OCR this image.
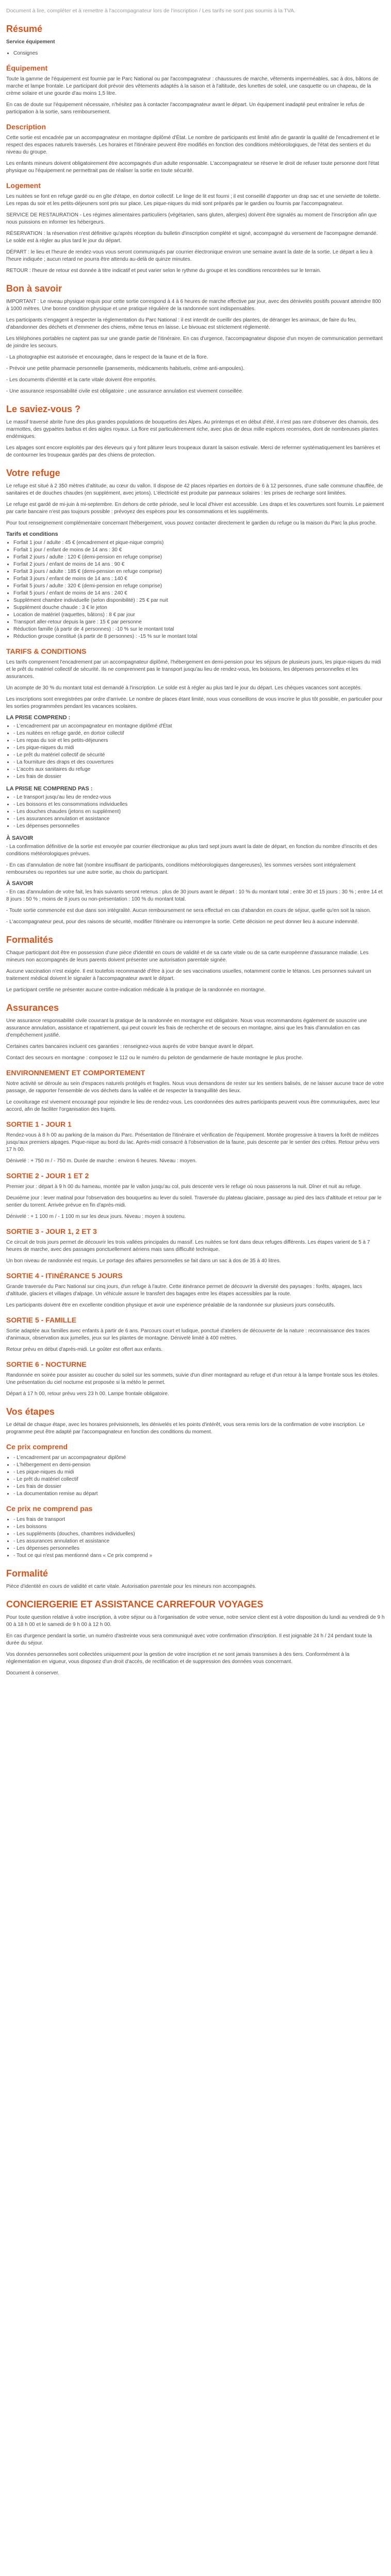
Document à lire, compléter et à remettre à l'accompagnateur lors de l'inscription / Les tarifs ne sont pas soumis à la TVA.

Résumé

Service équipement

• Consignes
Équipement

Toute la gamme de l'équipement est fournie par le Parc National ou par l'accompagnateur : chaussures de marche, vêtements imperméables, sac à dos, bâtons de marche et lampe frontale. Le participant doit prévoir des vêtements adaptés à la saison et à l'altitude, des lunettes de soleil, une casquette ou un chapeau, de la crème solaire et une gourde d'au moins 1,5 litre.

En cas de doute sur l'équipement nécessaire, n'hésitez pas à contacter l'accompagnateur avant le départ. Un équipement inadapté peut entraîner le refus de participation à la sortie, sans remboursement.

Description

Cette sortie est encadrée par un accompagnateur en montagne diplômé d'État. Le nombre de participants est limité afin de garantir la qualité de l'encadrement et le respect des espaces naturels traversés. Les horaires et l'itinéraire peuvent être modifiés en fonction des conditions météorologiques, de l'état des sentiers et du niveau du groupe.

Les enfants mineurs doivent obligatoirement être accompagnés d'un adulte responsable. L'accompagnateur se réserve le droit de refuser toute personne dont l'état physique ou l'équipement ne permettrait pas de réaliser la sortie en toute sécurité.

Logement

Les nuitées se font en refuge gardé ou en gîte d'étape, en dortoir collectif. Le linge de lit est fourni ; il est conseillé d'apporter un drap sac et une serviette de toilette. Les repas du soir et les petits-déjeuners sont pris sur place. Les pique-niques du midi sont préparés par le gardien ou fournis par l'accompagnateur.

SERVICE DE RESTAURATION - Les régimes alimentaires particuliers (végétarien, sans gluten, allergies) doivent être signalés au moment de l'inscription afin que nous puissions en informer les hébergeurs.

RÉSERVATION : la réservation n'est définitive qu'après réception du bulletin d'inscription complété et signé, accompagné du versement de l'acompagne demandé. Le solde est à régler au plus tard le jour du départ.

DÉPART : le lieu et l'heure de rendez-vous vous seront communiqués par courrier électronique environ une semaine avant la date de la sortie. Le départ a lieu à l'heure indiquée ; aucun retard ne pourra être attendu au-delà de quinze minutes.

RETOUR : l'heure de retour est donnée à titre indicatif et peut varier selon le rythme du groupe et les conditions rencontrées sur le terrain.

Bon à savoir

IMPORTANT : Le niveau physique requis pour cette sortie correspond à 4 à 6 heures de marche effective par jour, avec des dénivelés positifs pouvant atteindre 800 à 1000 mètres. Une bonne condition physique et une pratique régulière de la randonnée sont indispensables.

Les participants s'engagent à respecter la réglementation du Parc National : il est interdit de cueillir des plantes, de déranger les animaux, de faire du feu, d'abandonner des déchets et d'emmener des chiens, même tenus en laisse. Le bivouac est strictement réglementé.

Les téléphones portables ne captent pas sur une grande partie de l'itinéraire. En cas d'urgence, l'accompagnateur dispose d'un moyen de communication permettant de joindre les secours.

- La photographie est autorisée et encouragée, dans le respect de la faune et de la flore.

- Prévoir une petite pharmacie personnelle (pansements, médicaments habituels, crème anti-ampoules).

- Les documents d'identité et la carte vitale doivent être emportés.

- Une assurance responsabilité civile est obligatoire ; une assurance annulation est vivement conseillée.

Le saviez-vous ?

Le massif traversé abrite l'une des plus grandes populations de bouquetins des Alpes. Au printemps et en début d'été, il n'est pas rare d'observer des chamois, des marmottes, des gypaètes barbus et des aigles royaux. La flore est particulièrement riche, avec plus de deux mille espèces recensées, dont de nombreuses plantes endémiques.

Les alpages sont encore exploités par des éleveurs qui y font pâturer leurs troupeaux durant la saison estivale. Merci de refermer systématiquement les barrières et de contourner les troupeaux gardés par des chiens de protection.

Votre refuge

Le refuge est situé à 2 350 mètres d'altitude, au cœur du vallon. Il dispose de 42 places réparties en dortoirs de 6 à 12 personnes, d'une salle commune chauffée, de sanitaires et de douches chaudes (en supplément, avec jetons). L'électricité est produite par panneaux solaires : les prises de recharge sont limitées.

Le refuge est gardé de mi-juin à mi-septembre. En dehors de cette période, seul le local d'hiver est accessible. Les draps et les couvertures sont fournis. Le paiement par carte bancaire n'est pas toujours possible : prévoyez des espèces pour les consommations et les suppléments.

Pour tout renseignement complémentaire concernant l'hébergement, vous pouvez contacter directement le gardien du refuge ou la maison du Parc la plus proche.

Tarifs et conditions
• Forfait 1 jour / adulte : 45 € (encadrement et pique-nique compris)
• Forfait 1 jour / enfant de moins de 14 ans : 30 €
• Forfait 2 jours / adulte : 120 € (demi-pension en refuge comprise)
• Forfait 2 jours / enfant de moins de 14 ans : 90 €
• Forfait 3 jours / adulte : 185 € (demi-pension en refuge comprise)
• Forfait 3 jours / enfant de moins de 14 ans : 140 €
• Forfait 5 jours / adulte : 320 € (demi-pension en refuge comprise)
• Forfait 5 jours / enfant de moins de 14 ans : 240 €
• Supplément chambre individuelle (selon disponibilité) : 25 € par nuit
• Supplément douche chaude : 3 € le jeton
• Location de matériel (raquettes, bâtons) : 8 € par jour
• Transport aller-retour depuis la gare : 15 € par personne
• Réduction famille (à partir de 4 personnes) : -10 % sur le montant total
• Réduction groupe constitué (à partir de 8 personnes) : -15 % sur le montant total
TARIFS & CONDITIONS

Les tarifs comprennent l'encadrement par un accompagnateur diplômé, l'hébergement en demi-pension pour les séjours de plusieurs jours, les pique-niques du midi et le prêt du matériel collectif de sécurité. Ils ne comprennent pas le transport jusqu'au lieu de rendez-vous, les boissons, les dépenses personnelles et les assurances.

Un acompte de 30 % du montant total est demandé à l'inscription. Le solde est à régler au plus tard le jour du départ. Les chèques vacances sont acceptés.

Les inscriptions sont enregistrées par ordre d'arrivée. Le nombre de places étant limité, nous vous conseillons de vous inscrire le plus tôt possible, en particulier pour les sorties programmées pendant les vacances scolaires.

LA PRISE COMPREND :
• - L'encadrement par un accompagnateur en montagne diplômé d'État
• - Les nuitées en refuge gardé, en dortoir collectif
• - Les repas du soir et les petits-déjeuners
• - Les pique-niques du midi
• - Le prêt du matériel collectif de sécurité
• - La fourniture des draps et des couvertures
• - L'accès aux sanitaires du refuge
• - Les frais de dossier
LA PRISE NE COMPREND PAS :
• - Le transport jusqu'au lieu de rendez-vous
• - Les boissons et les consommations individuelles
• - Les douches chaudes (jetons en supplément)
• - Les assurances annulation et assistance
• - Les dépenses personnelles
À SAVOIR

- La confirmation définitive de la sortie est envoyée par courrier électronique au plus tard sept jours avant la date de départ, en fonction du nombre d'inscrits et des conditions météorologiques prévues.

- En cas d'annulation de notre fait (nombre insuffisant de participants, conditions météorologiques dangereuses), les sommes versées sont intégralement remboursées ou reportées sur une autre sortie, au choix du participant.

À SAVOIR

- En cas d'annulation de votre fait, les frais suivants seront retenus : plus de 30 jours avant le départ : 10 % du montant total ; entre 30 et 15 jours : 30 % ; entre 14 et 8 jours : 50 % ; moins de 8 jours ou non-présentation : 100 % du montant total.

- Toute sortie commencée est due dans son intégralité. Aucun remboursement ne sera effectué en cas d'abandon en cours de séjour, quelle qu'en soit la raison.

- L'accompagnateur peut, pour des raisons de sécurité, modifier l'itinéraire ou interrompre la sortie. Cette décision ne peut donner lieu à aucune indemnité.

Formalités

Chaque participant doit être en possession d'une pièce d'identité en cours de validité et de sa carte vitale ou de sa carte européenne d'assurance maladie. Les mineurs non accompagnés de leurs parents doivent présenter une autorisation parentale signée.

Aucune vaccination n'est exigée. Il est toutefois recommandé d'être à jour de ses vaccinations usuelles, notamment contre le tétanos. Les personnes suivant un traitement médical doivent le signaler à l'accompagnateur avant le départ.

Le participant certifie ne présenter aucune contre-indication médicale à la pratique de la randonnée en montagne.

Assurances

Une assurance responsabilité civile couvrant la pratique de la randonnée en montagne est obligatoire. Nous vous recommandons également de souscrire une assurance annulation, assistance et rapatriement, qui peut couvrir les frais de recherche et de secours en montagne, ainsi que les frais d'annulation en cas d'empêchement justifié.

Certaines cartes bancaires incluent ces garanties : renseignez-vous auprès de votre banque avant le départ.

Contact des secours en montagne : composez le 112 ou le numéro du peloton de gendarmerie de haute montagne le plus proche.

ENVIRONNEMENT ET COMPORTEMENT

Notre activité se déroule au sein d'espaces naturels protégés et fragiles. Nous vous demandons de rester sur les sentiers balisés, de ne laisser aucune trace de votre passage, de rapporter l'ensemble de vos déchets dans la vallée et de respecter la tranquillité des lieux.

Le covoiturage est vivement encouragé pour rejoindre le lieu de rendez-vous. Les coordonnées des autres participants peuvent vous être communiquées, avec leur accord, afin de faciliter l'organisation des trajets.

SORTIE 1 - JOUR 1

Rendez-vous à 8 h 00 au parking de la maison du Parc. Présentation de l'itinéraire et vérification de l'équipement. Montée progressive à travers la forêt de mélèzes jusqu'aux premiers alpages. Pique-nique au bord du lac. Après-midi consacré à l'observation de la faune, puis descente par le sentier des crêtes. Retour prévu vers 17 h 00.

Dénivelé : + 750 m / - 750 m. Durée de marche : environ 6 heures. Niveau : moyen.

SORTIE 2 - JOUR 1 ET 2

Premier jour : départ à 9 h 00 du hameau, montée par le vallon jusqu'au col, puis descente vers le refuge où nous passerons la nuit. Dîner et nuit au refuge.

Deuxième jour : lever matinal pour l'observation des bouquetins au lever du soleil. Traversée du plateau glaciaire, passage au pied des lacs d'altitude et retour par le sentier du torrent. Arrivée prévue en fin d'après-midi.

Dénivelé : + 1 100 m / - 1 100 m sur les deux jours. Niveau : moyen à soutenu.

SORTIE 3 - JOUR 1, 2 ET 3

Ce circuit de trois jours permet de découvrir les trois vallées principales du massif. Les nuitées se font dans deux refuges différents. Les étapes varient de 5 à 7 heures de marche, avec des passages ponctuellement aériens mais sans difficulté technique.

Un bon niveau de randonnée est requis. Le portage des affaires personnelles se fait dans un sac à dos de 35 à 40 litres.

SORTIE 4 - ITINÉRANCE 5 JOURS

Grande traversée du Parc National sur cinq jours, d'un refuge à l'autre. Cette itinérance permet de découvrir la diversité des paysages : forêts, alpages, lacs d'altitude, glaciers et villages d'alpage. Un véhicule assure le transfert des bagages entre les étapes accessibles par la route.

Les participants doivent être en excellente condition physique et avoir une expérience préalable de la randonnée sur plusieurs jours consécutifs.

SORTIE 5 - FAMILLE

Sortie adaptée aux familles avec enfants à partir de 6 ans. Parcours court et ludique, ponctué d'ateliers de découverte de la nature : reconnaissance des traces d'animaux, observation aux jumelles, jeux sur les plantes de montagne. Dénivelé limité à 400 mètres.

Retour prévu en début d'après-midi. Le goûter est offert aux enfants.

SORTIE 6 - NOCTURNE

Randonnée en soirée pour assister au coucher du soleil sur les sommets, suivie d'un dîner montagnard au refuge et d'un retour à la lampe frontale sous les étoiles. Une présentation du ciel nocturne est proposée si la météo le permet.

Départ à 17 h 00, retour prévu vers 23 h 00. Lampe frontale obligatoire.

Vos étapes

Le détail de chaque étape, avec les horaires prévisionnels, les dénivelés et les points d'intérêt, vous sera remis lors de la confirmation de votre inscription. Le programme peut être adapté par l'accompagnateur en fonction des conditions du moment.

Ce prix comprend
• - L'encadrement par un accompagnateur diplômé
• - L'hébergement en demi-pension
• - Les pique-niques du midi
• - Le prêt du matériel collectif
• - Les frais de dossier
• - La documentation remise au départ
Ce prix ne comprend pas
• - Les frais de transport
• - Les boissons
• - Les suppléments (douches, chambres individuelles)
• - Les assurances annulation et assistance
• - Les dépenses personnelles
• - Tout ce qui n'est pas mentionné dans « Ce prix comprend »
Formalité

Pièce d'identité en cours de validité et carte vitale. Autorisation parentale pour les mineurs non accompagnés.

CONCIERGERIE ET ASSISTANCE CARREFOUR VOYAGES

Pour toute question relative à votre inscription, à votre séjour ou à l'organisation de votre venue, notre service client est à votre disposition du lundi au vendredi de 9 h 00 à 18 h 00 et le samedi de 9 h 00 à 12 h 00.

En cas d'urgence pendant la sortie, un numéro d'astreinte vous sera communiqué avec votre confirmation d'inscription. Il est joignable 24 h / 24 pendant toute la durée du séjour.

Vos données personnelles sont collectées uniquement pour la gestion de votre inscription et ne sont jamais transmises à des tiers. Conformément à la réglementation en vigueur, vous disposez d'un droit d'accès, de rectification et de suppression des données vous concernant.

Document à conserver.
